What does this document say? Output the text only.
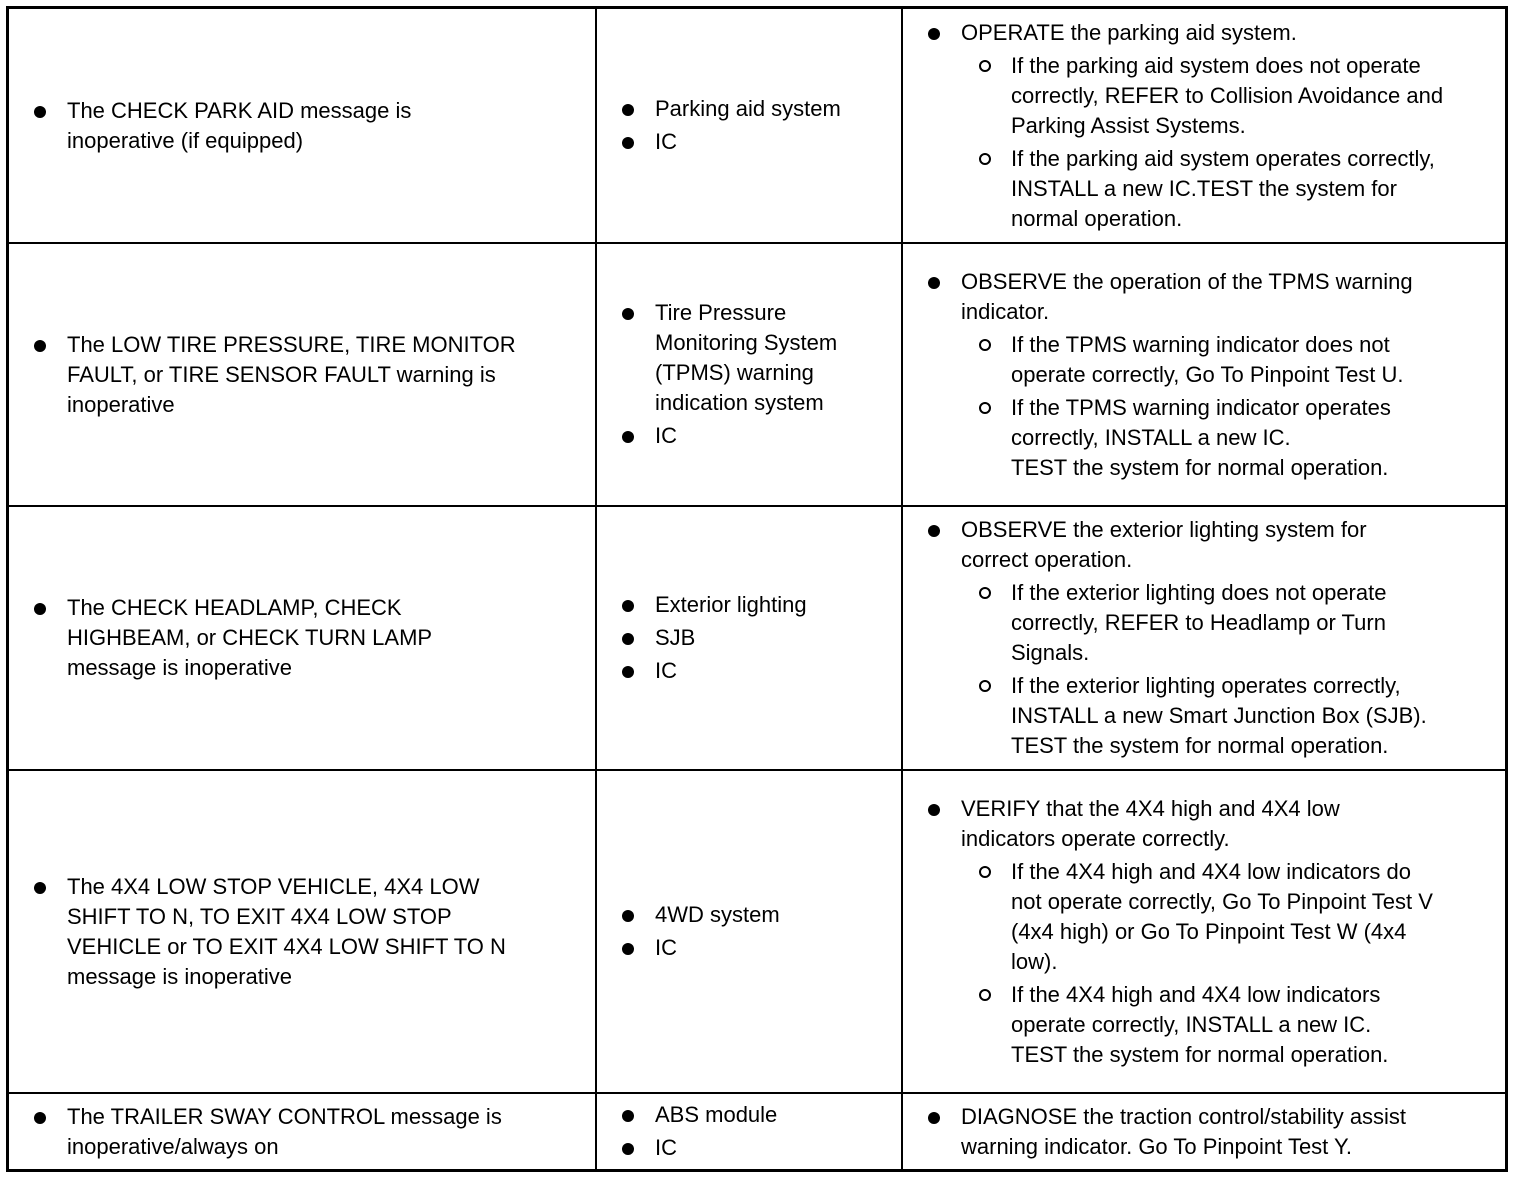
The CHECK PARK AID message is
inoperative (if equipped)
Parking aid system
IC
OPERATE the parking aid system.
If the parking aid system does not operate
correctly, REFER to Collision Avoidance and
Parking Assist Systems.
If the parking aid system operates correctly,
INSTALL a new IC.TEST the system for
normal operation.
The LOW TIRE PRESSURE, TIRE MONITOR
FAULT, or TIRE SENSOR FAULT warning is
inoperative
Tire Pressure
Monitoring System
(TPMS) warning
indication system
IC
OBSERVE the operation of the TPMS warning
indicator.
If the TPMS warning indicator does not
operate correctly, Go To Pinpoint Test U.
If the TPMS warning indicator operates
correctly, INSTALL a new IC.
TEST the system for normal operation.
The CHECK HEADLAMP, CHECK
HIGHBEAM, or CHECK TURN LAMP
message is inoperative
Exterior lighting
SJB
IC
OBSERVE the exterior lighting system for
correct operation.
If the exterior lighting does not operate
correctly, REFER to Headlamp or Turn
Signals.
If the exterior lighting operates correctly,
INSTALL a new Smart Junction Box (SJB).
TEST the system for normal operation.
The 4X4 LOW STOP VEHICLE, 4X4 LOW
SHIFT TO N, TO EXIT 4X4 LOW STOP
VEHICLE or TO EXIT 4X4 LOW SHIFT TO N
message is inoperative
4WD system
IC
VERIFY that the 4X4 high and 4X4 low
indicators operate correctly.
If the 4X4 high and 4X4 low indicators do
not operate correctly, Go To Pinpoint Test V
(4x4 high) or Go To Pinpoint Test W (4x4
low).
If the 4X4 high and 4X4 low indicators
operate correctly, INSTALL a new IC.
TEST the system for normal operation.
The TRAILER SWAY CONTROL message is
inoperative/always on
ABS module
IC
DIAGNOSE the traction control/stability assist
warning indicator. Go To Pinpoint Test Y.
